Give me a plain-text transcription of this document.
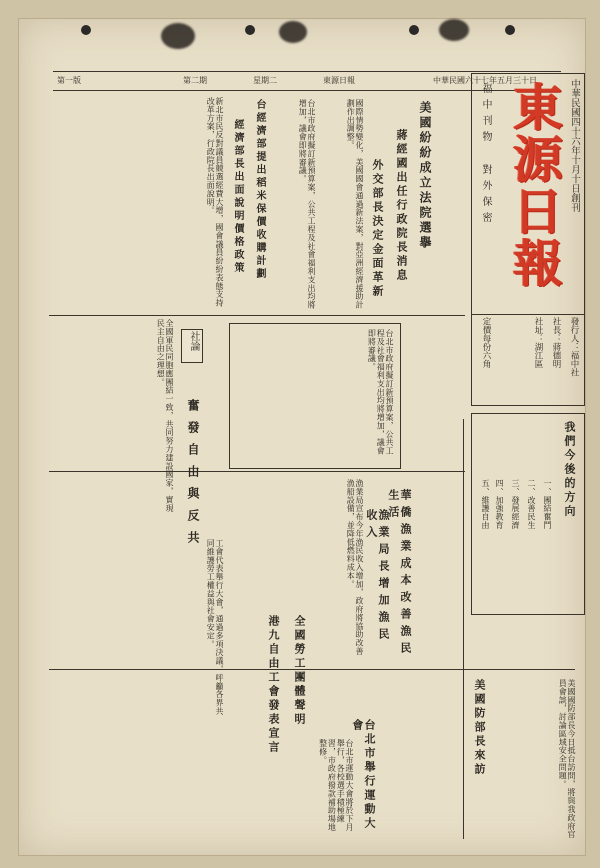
第一版	第二期	星期二	東源日報	中華民國六十七年五月三十日
東源日報 中華民國四十六年十月十日創刊
福中刊物 對外保密
發行人：福中社
社長：蔣德明
社址：湖江區
定價每份六角
美國紛紛成立法院選擧
蔣經國出任行政院長消息
外交部長決定金面革新
國際情勢變化，美國國會通過新法案，對亞洲經濟援助計劃作出調整。
台北市政府擬訂新預算案，公共工程及社會福利支出均將增加，議會即將審議。
台經濟部提出稻米保價收購計劃
經濟部長出面說明價格政策
新北市民反對議員競選經費大增，國會議員紛紛表態支持改革方案，行政院長出面說明。
社論
奮發自由與反共
全國軍民同胞應團結一致，共同努力建設國家，實現民主自由之理想。
華僑漁業成本改善漁民生活
漁業局長增加漁民收入
漁業局宣布今年漁民收入增加，政府將協助改善漁船設備，並降低燃料成本。
台北市政府擬訂新預算案，公共工程及社會福利支出均將增加，議會即將審議。
我們今後的方向
一、團結奮鬥
二、改善民生
三、發展經濟
四、加強教育
五、維護自由
港九自由工會發表宣言	全國勞工團體聲明
工會代表舉行大會，通過多項決議，呼籲各界共同維護勞工權益與社會安定。
美國防部長來訪	美國國防部長今日抵台訪問，將與我政府官員會談，討論區域安全問題。
台北市舉行運動大會
台北市運動大會將於下月舉行，各校選手積極練習，市政府撥款補助場地整修。
